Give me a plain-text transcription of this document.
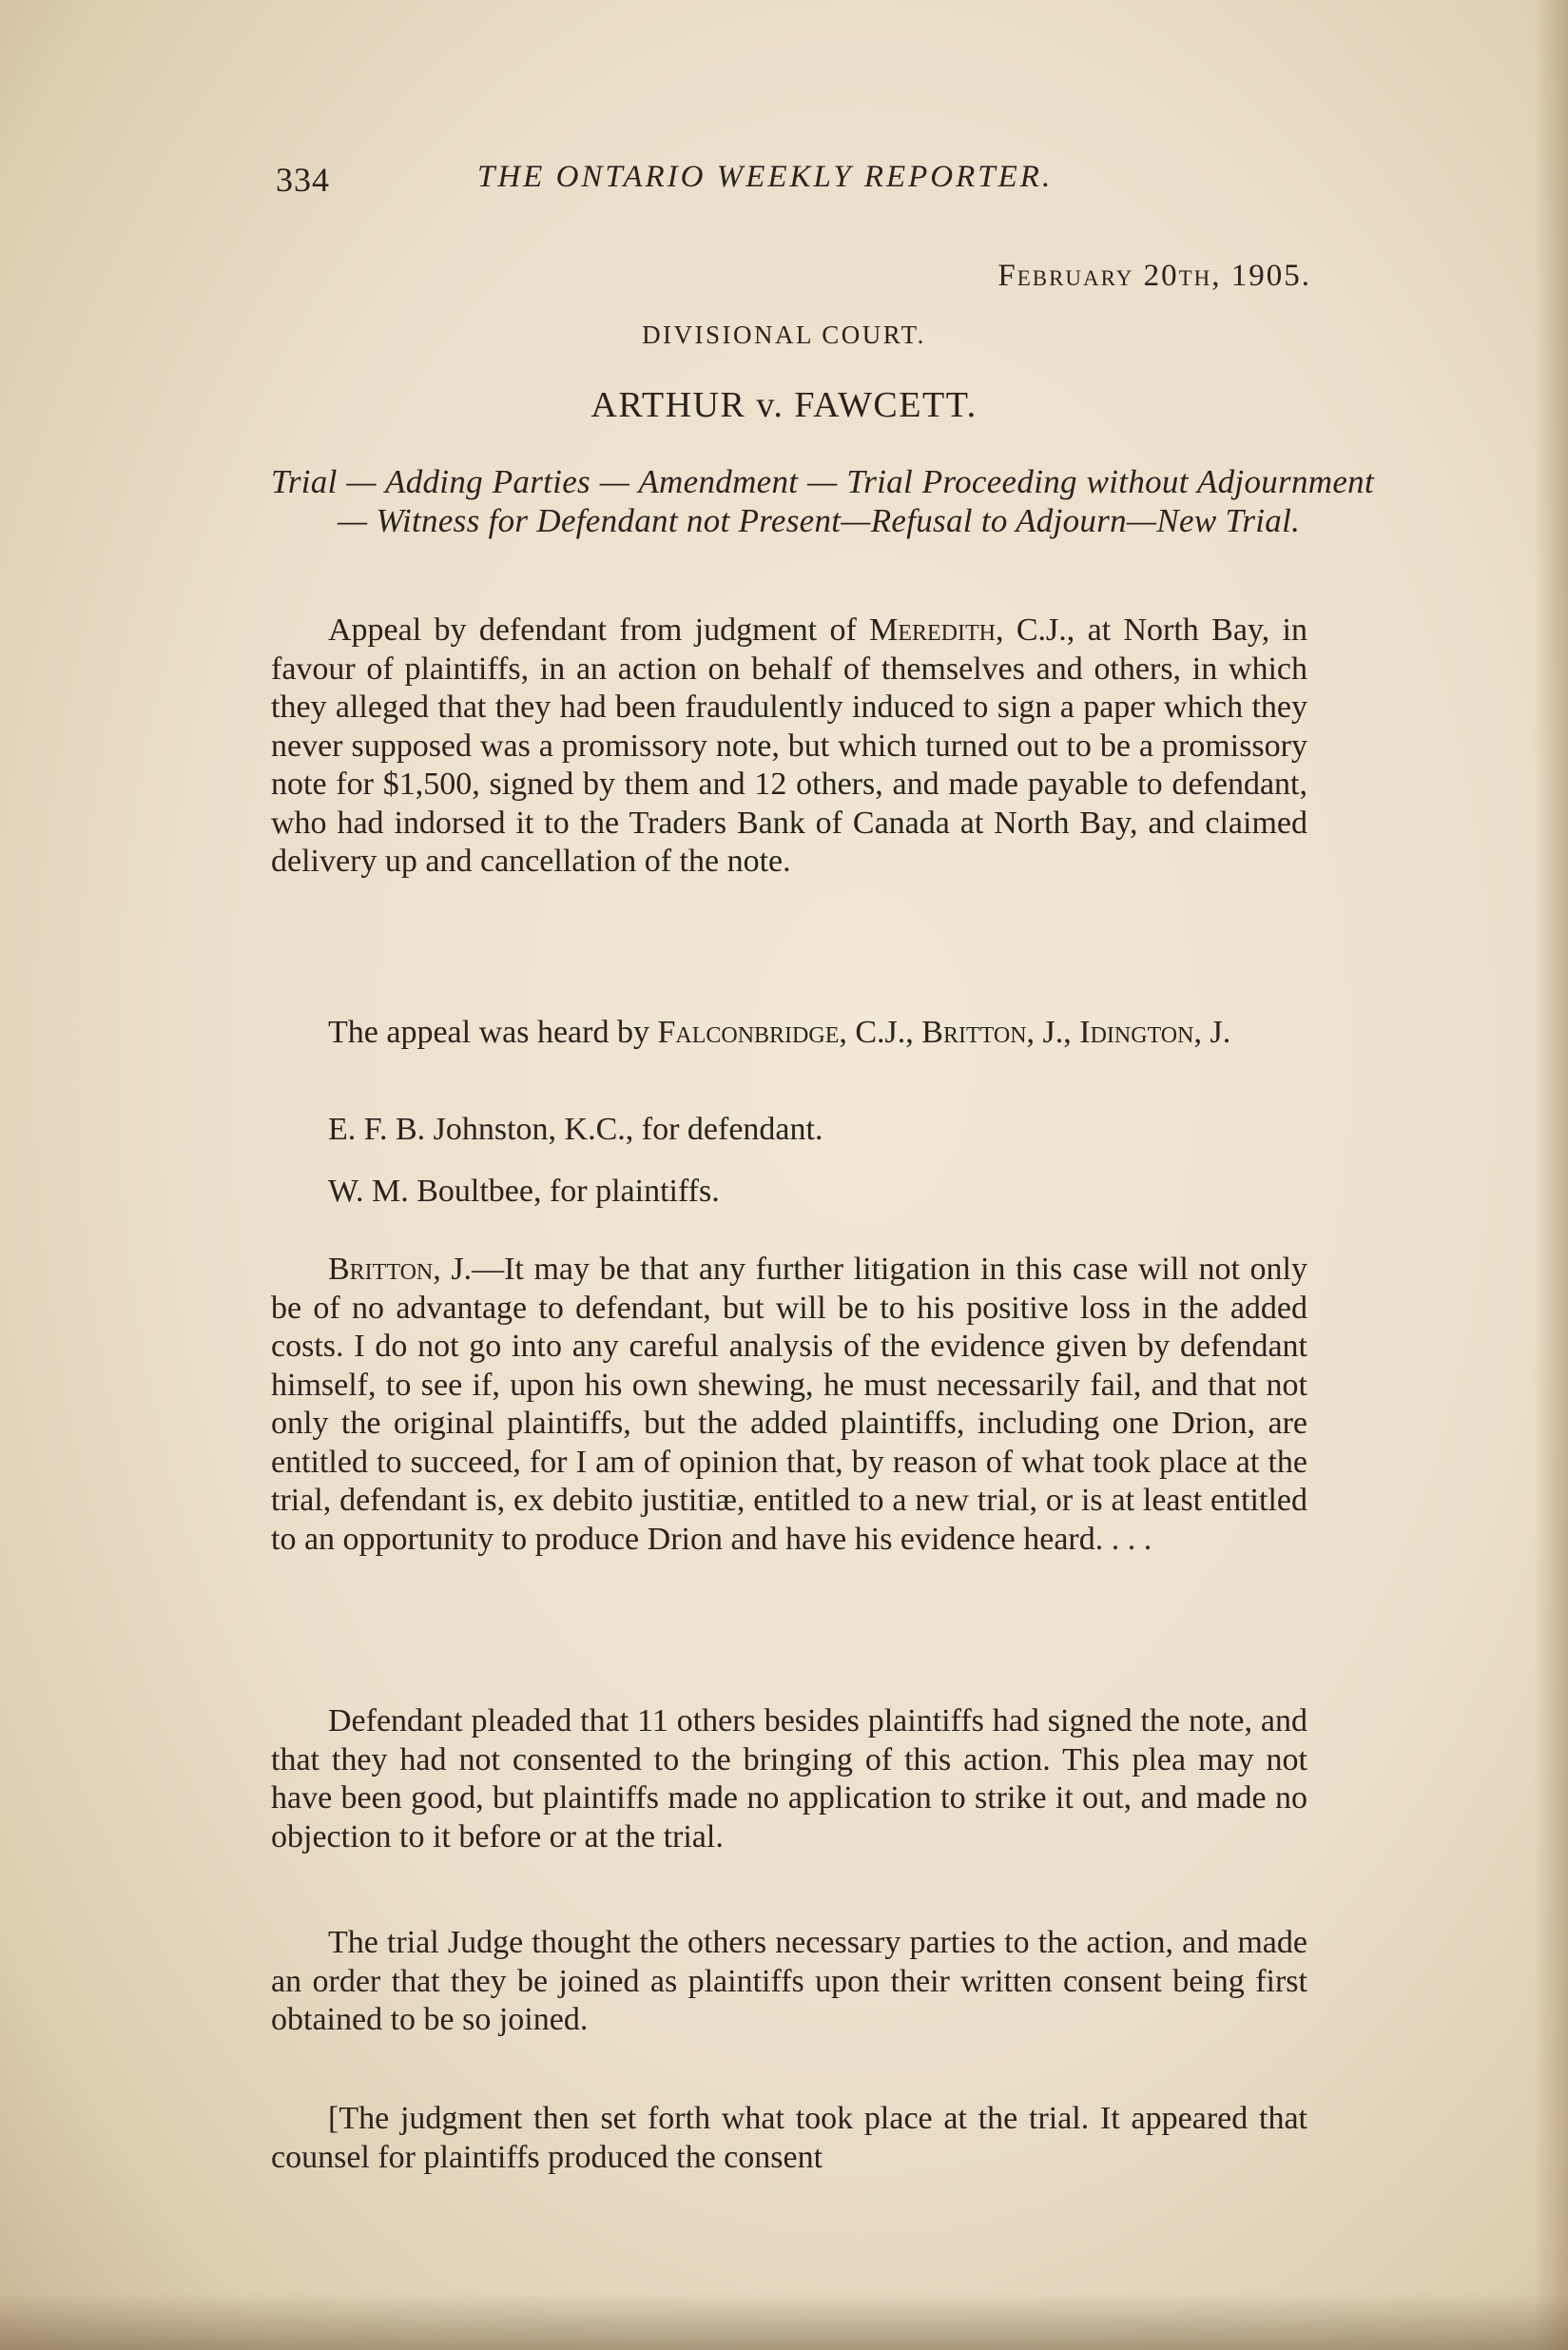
334	THE ONTARIO WEEKLY REPORTER.
February 20th, 1905.
DIVISIONAL COURT.
ARTHUR v. FAWCETT.
Trial — Adding Parties — Amendment — Trial Proceeding without Adjournment — Witness for Defendant not Present—Refusal to Adjourn—New Trial.

Appeal by defendant from judgment of Meredith, C.J., at North Bay, in favour of plaintiffs, in an action on behalf of themselves and others, in which they alleged that they had been fraudulently induced to sign a paper which they never supposed was a promissory note, but which turned out to be a promissory note for $1,500, signed by them and 12 others, and made payable to defendant, who had indorsed it to the Traders Bank of Canada at North Bay, and claimed delivery up and cancellation of the note.

The appeal was heard by Falconbridge, C.J., Britton, J., Idington, J.

E. F. B. Johnston, K.C., for defendant.
W. M. Boultbee, for plaintiffs.

Britton, J.—It may be that any further litigation in this case will not only be of no advantage to defendant, but will be to his positive loss in the added costs. I do not go into any careful analysis of the evidence given by defendant himself, to see if, upon his own shewing, he must necessarily fail, and that not only the original plaintiffs, but the added plaintiffs, including one Drion, are entitled to succeed, for I am of opinion that, by reason of what took place at the trial, defendant is, ex debito justitiæ, entitled to a new trial, or is at least entitled to an opportunity to produce Drion and have his evidence heard. . . .

Defendant pleaded that 11 others besides plaintiffs had signed the note, and that they had not consented to the bringing of this action. This plea may not have been good, but plaintiffs made no application to strike it out, and made no objection to it before or at the trial.

The trial Judge thought the others necessary parties to the action, and made an order that they be joined as plaintiffs upon their written consent being first obtained to be so joined.

[The judgment then set forth what took place at the trial. It appeared that counsel for plaintiffs produced the consent
